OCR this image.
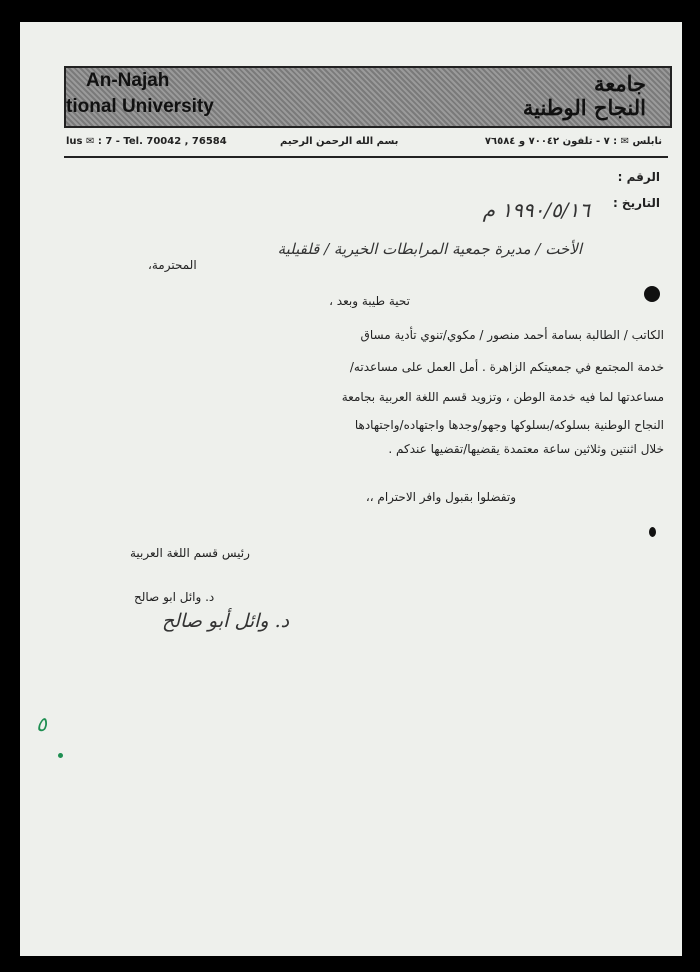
An-Najah
tional University
جامعة
النجاح الوطنية
lus ✉ : 7 - Tel. 70042 , 76584	بسم الله الرحمن الرحيم	نابلس ✉ : ٧ - تلفون ٧٠٠٤٢ و ٧٦٥٨٤
الرقم :
التاريخ :
١٩٩٠/٥/١٦ م
الأخت / مديرة جمعية المرابطات الخيرية / قلقيلية
المحترمة،
تحية طيبة وبعد ،
الكاتب / الطالبة بسامة أحمد منصور / مكوي/تنوي تأدية مساق
خدمة المجتمع في جمعيتكم الزاهرة . أمل العمل على مساعدته/
مساعدتها لما فيه خدمة الوطن ، وتزويد قسم اللغة العربية بجامعة
النجاح الوطنية بسلوكه/بسلوكها وجهو/وجدها واجتهاده/واجتهادها
خلال اثنتين وثلاثين ساعة معتمدة يقضيها/تقضيها عندكم .
وتفضلوا بقبول وافر الاحترام ،،
رئيس قسم اللغة العربية
د. وائل ابو صالح
د. وائل أبو صالح
٥
